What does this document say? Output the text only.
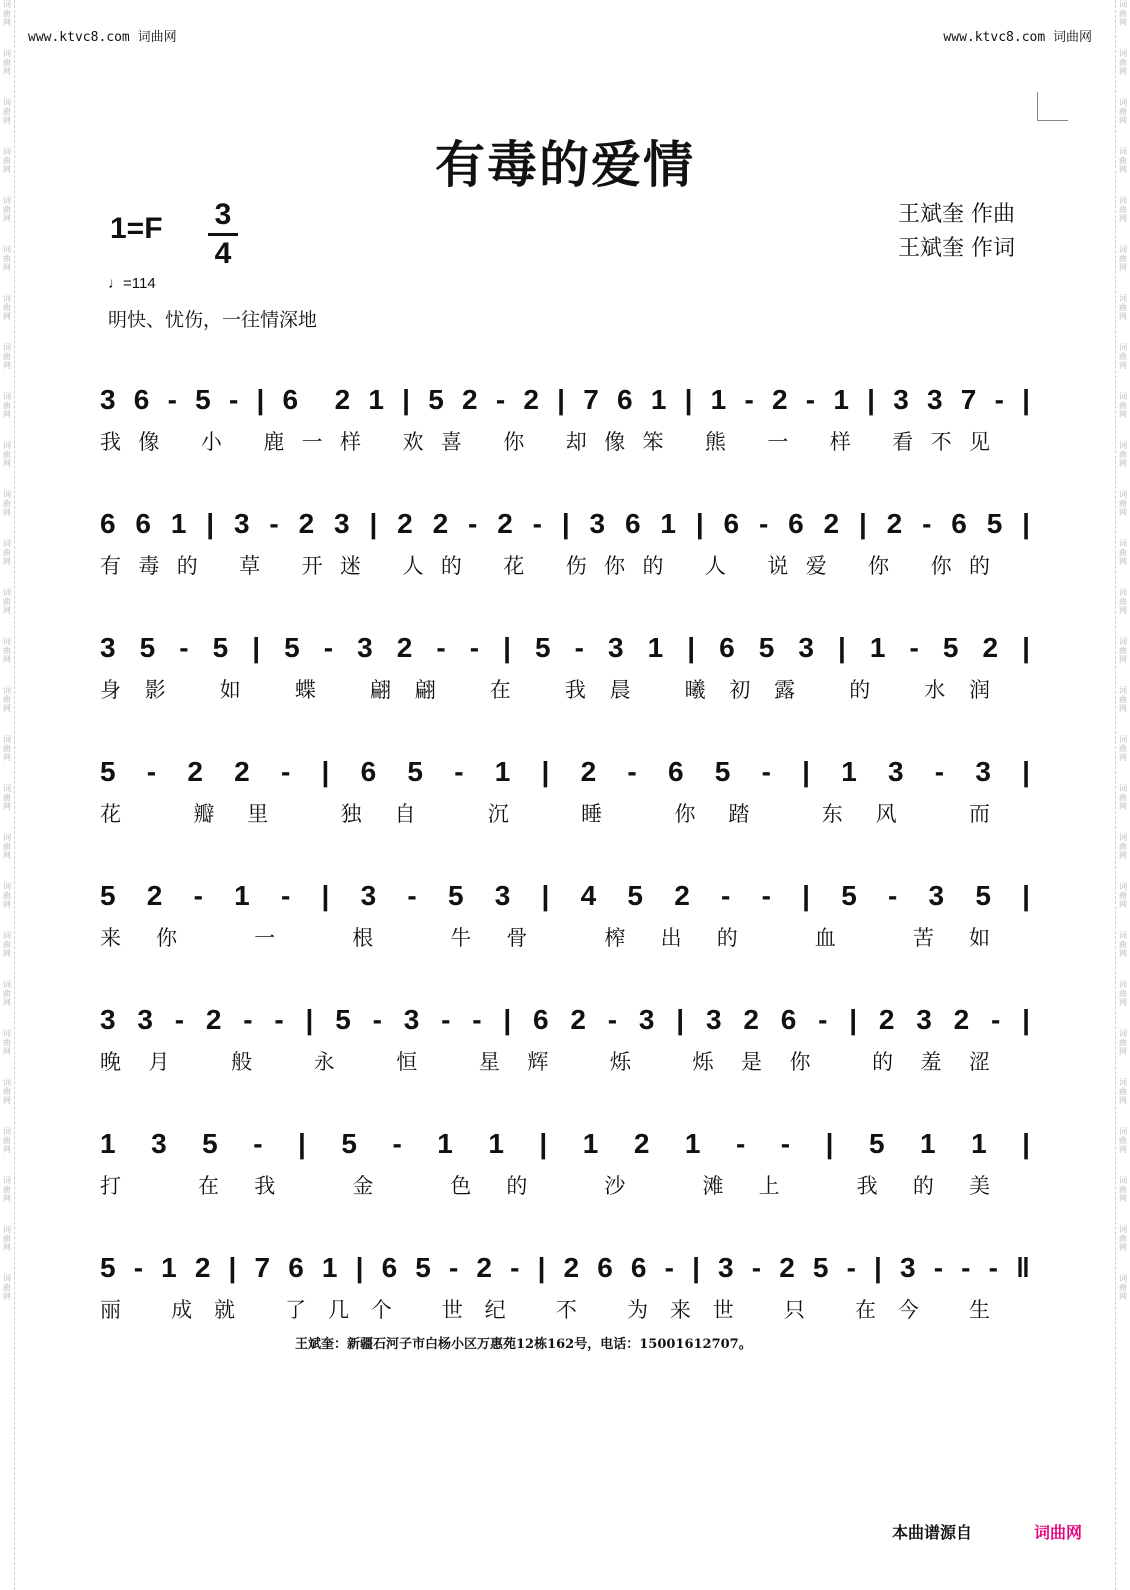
词
曲
网
词
曲
网
词
曲
网
词
曲
网
词
曲
网
词
曲
网
词
曲
网
词
曲
网
词
曲
网
词
曲
网
词
曲
网
词
曲
网
词
曲
网
词
曲
网
词
曲
网
词
曲
网
词
曲
网
词
曲
网
词
曲
网
词
曲
网
词
曲
网
词
曲
网
词
曲
网
词
曲
网
词
曲
网
词
曲
网
词
曲
网
词
曲
网
词
曲
网
词
曲
网
词
曲
网
词
曲
网
词
曲
网
词
曲
网
词
曲
网
词
曲
网
词
曲
网
词
曲
网
词
曲
网
词
曲
网
词
曲
网
词
曲
网
词
曲
网
词
曲
网
词
曲
网
词
曲
网
词
曲
网
词
曲
网
词
曲
网
词
曲
网
词
曲
网
词
曲
网
词
曲
网
词
曲
网
www.ktvc8.com 词曲网	www.ktvc8.com 词曲网
有毒的爱情
1=F 3
4
王斌奎 作曲
王斌奎 作词
♩=114
明快、忧伤，一往情深地
3 6 - 5 - | 6  2 1 | 5 2 - 2 | 7 6 1 | 1 - 2 - 1 | 3 3 7 - |
我像 小 鹿一样 欢喜 你 却像笨 熊 一 样 看不见
6 6 1 | 3 - 2 3 | 2 2 - 2 - | 3 6 1 | 6 - 6 2 | 2 - 6 5 |
有毒的 草 开迷 人的 花 伤你的 人 说爱 你 你的
3 5 - 5 | 5 - 3 2 - - | 5 - 3 1 | 6 5 3 | 1 - 5 2 |
身影 如 蝶 翩翩 在 我晨 曦初露 的 水润
5 - 2 2 - | 6 5 - 1 | 2 - 6 5 - | 1 3 - 3 |
花 瓣里 独自 沉 睡 你踏 东风 而
5 2 - 1 - | 3 - 5 3 | 4 5 2 - - | 5 - 3 5 |
来你 一 根 牛骨 榨出的 血 苦如
3 3 - 2 - - | 5 - 3 - - | 6 2 - 3 | 3 2 6 - | 2 3 2 - |
晚月 般 永 恒 星辉 烁 烁是你 的羞涩
1 3 5 - | 5 - 1 1 | 1 2 1 - - | 5 1 1 |
打 在我 金 色的 沙 滩上 我的美
5 - 1 2 | 7 6 1 | 6 5 - 2 - | 2 6 6 - | 3 - 2 5 - | 3 - - - ‖
丽 成就 了几个 世纪 不 为来世 只 在今 生
王斌奎：新疆石河子市白杨小区万惠苑12栋162号，电话：15001612707。
本曲谱源自	词曲网
